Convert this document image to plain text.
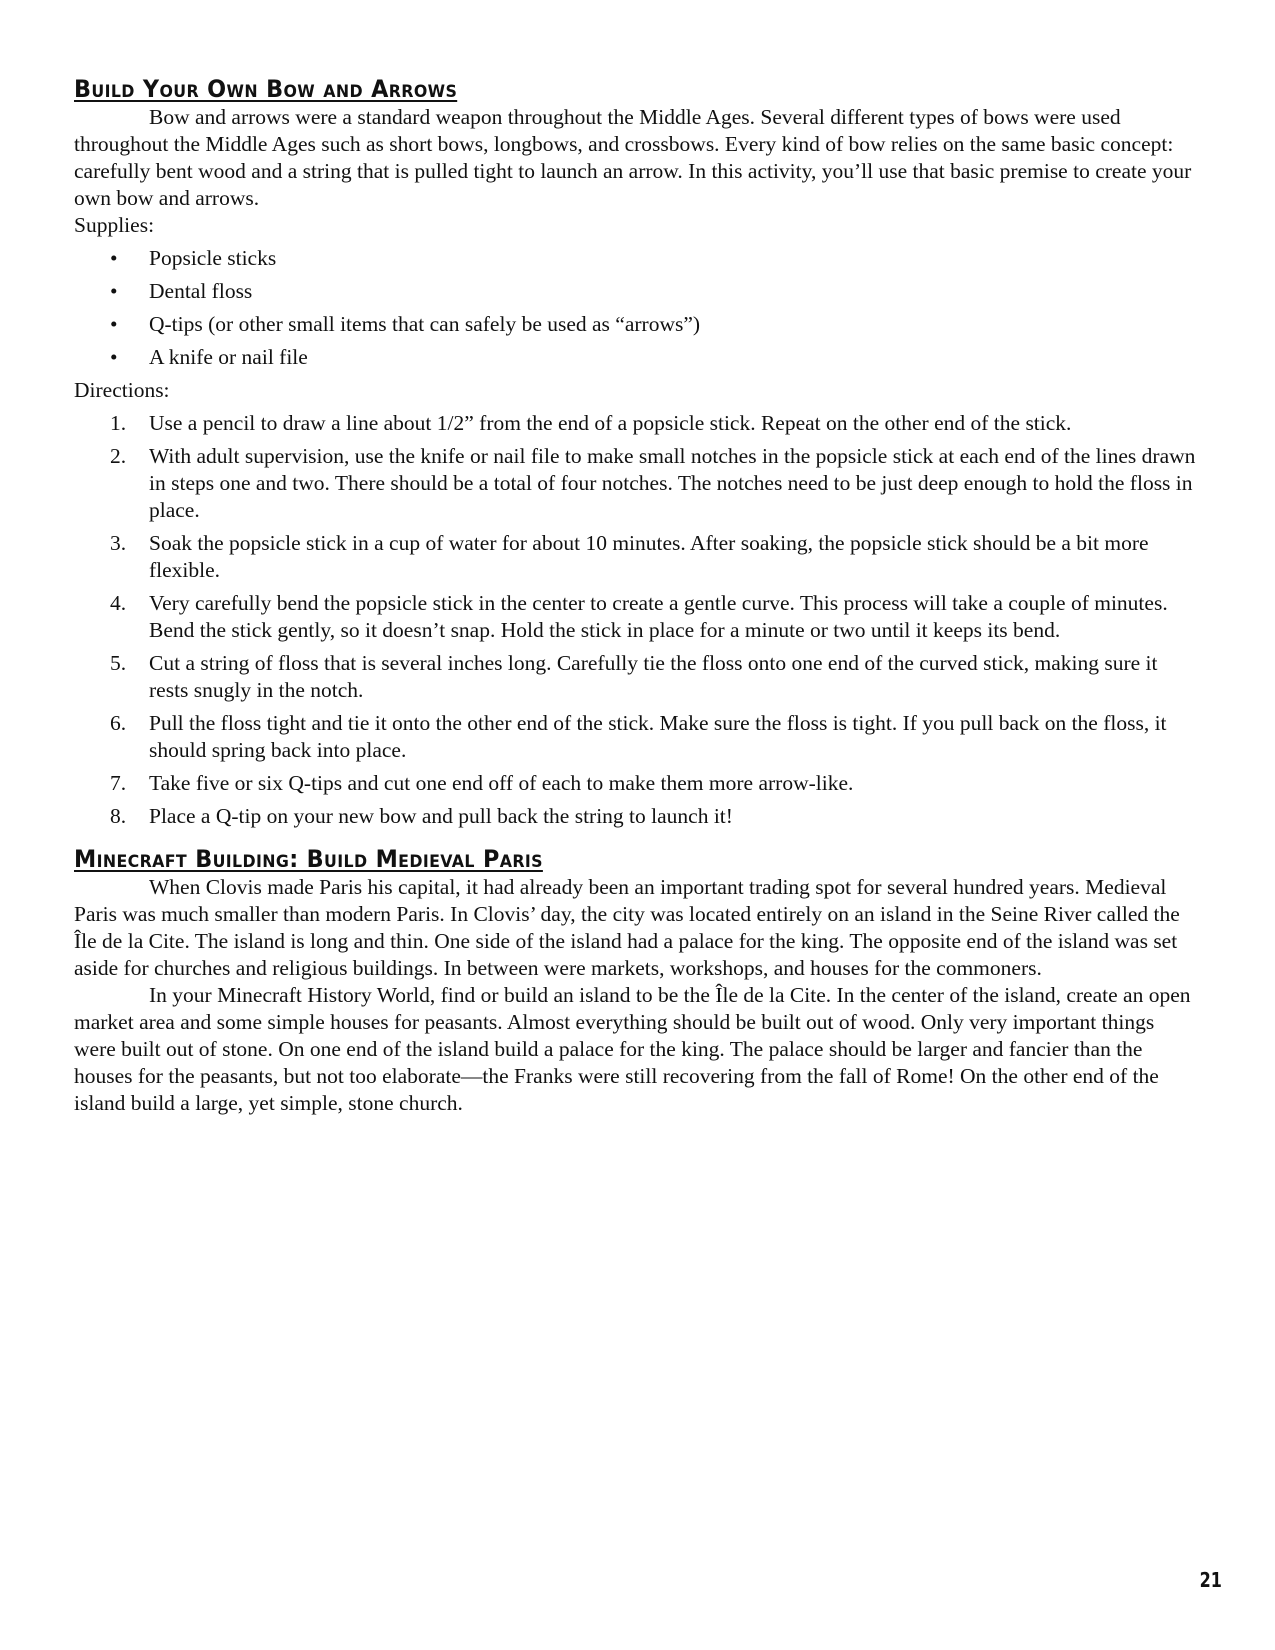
Build Your Own Bow and Arrows

Bow and arrows were a standard weapon throughout the Middle Ages. Several different types of bows were used throughout the Middle Ages such as short bows, longbows, and crossbows. Every kind of bow relies on the same basic concept: carefully bent wood and a string that is pulled tight to launch an arrow. In this activity, you’ll use that basic premise to create your own bow and arrows.

Supplies:

• Popsicle sticks
• Dental floss
• Q-tips (or other small items that can safely be used as “arrows”)
• A knife or nail file

Directions:

1. Use a pencil to draw a line about 1/2” from the end of a popsicle stick. Repeat on the other end of the stick.
2. With adult supervision, use the knife or nail file to make small notches in the popsicle stick at each end of the lines drawn in steps one and two. There should be a total of four notches. The notches need to be just deep enough to hold the floss in place.
3. Soak the popsicle stick in a cup of water for about 10 minutes. After soaking, the popsicle stick should be a bit more flexible.
4. Very carefully bend the popsicle stick in the center to create a gentle curve. This process will take a couple of minutes. Bend the stick gently, so it doesn’t snap. Hold the stick in place for a minute or two until it keeps its bend.
5. Cut a string of floss that is several inches long. Carefully tie the floss onto one end of the curved stick, making sure it rests snugly in the notch.
6. Pull the floss tight and tie it onto the other end of the stick. Make sure the floss is tight. If you pull back on the floss, it should spring back into place.
7. Take five or six Q-tips and cut one end off of each to make them more arrow-like.
8. Place a Q-tip on your new bow and pull back the string to launch it!
Minecraft Building: Build Medieval Paris

When Clovis made Paris his capital, it had already been an important trading spot for several hundred years. Medieval Paris was much smaller than modern Paris. In Clovis’ day, the city was located entirely on an island in the Seine River called the Île de la Cite. The island is long and thin. One side of the island had a palace for the king. The opposite end of the island was set aside for churches and religious buildings. In between were markets, workshops, and houses for the commoners.

In your Minecraft History World, find or build an island to be the Île de la Cite. In the center of the island, create an open market area and some simple houses for peasants. Almost everything should be built out of wood. Only very important things were built out of stone. On one end of the island build a palace for the king. The palace should be larger and fancier than the houses for the peasants, but not too elaborate—the Franks were still recovering from the fall of Rome! On the other end of the island build a large, yet simple, stone church.

21
